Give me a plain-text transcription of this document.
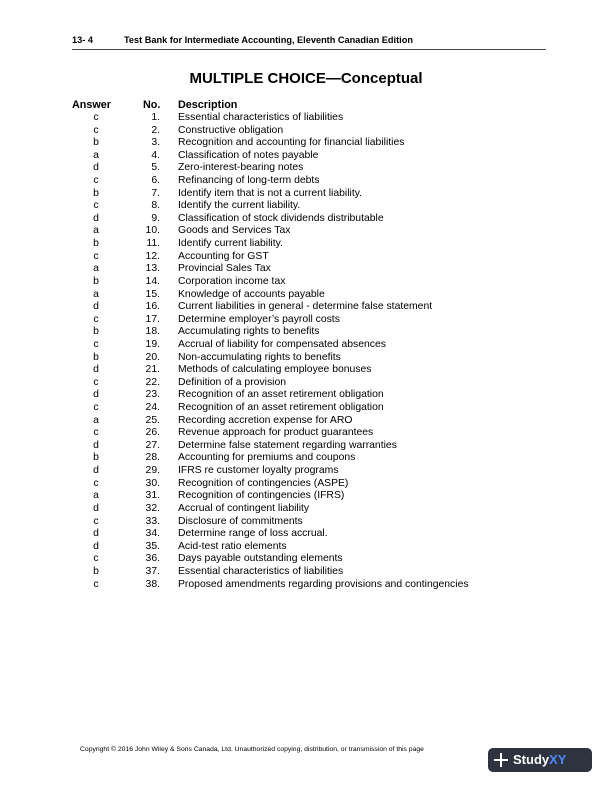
13- 4	Test Bank for Intermediate Accounting, Eleventh Canadian Edition
MULTIPLE CHOICE—Conceptual
Answer	No. Description
c	1. Essential characteristics of liabilities
c	2. Constructive obligation
b	3. Recognition and accounting for financial liabilities
a	4. Classification of notes payable
d	5. Zero-interest-bearing notes
c	6. Refinancing of long-term debts
b	7. Identify item that is not a current liability.
c	8. Identify the current liability.
d	9. Classification of stock dividends distributable
a	10. Goods and Services Tax
b	11. Identify current liability.
c	12. Accounting for GST
a	13. Provincial Sales Tax
b	14. Corporation income tax
a	15. Knowledge of accounts payable
d	16. Current liabilities in general - determine false statement
c	17. Determine employer’s payroll costs
b	18. Accumulating rights to benefits
c	19. Accrual of liability for compensated absences
b	20. Non-accumulating rights to benefits
d	21. Methods of calculating employee bonuses
c	22. Definition of a provision
d	23. Recognition of an asset retirement obligation
c	24. Recognition of an asset retirement obligation
a	25. Recording accretion expense for ARO
c	26. Revenue approach for product guarantees
d	27. Determine false statement regarding warranties
b	28. Accounting for premiums and coupons
d	29. IFRS re customer loyalty programs
c	30. Recognition of contingencies (ASPE)
a	31. Recognition of contingencies (IFRS)
d	32. Accrual of contingent liability
c	33. Disclosure of commitments
d	34. Determine range of loss accrual.
d	35. Acid-test ratio elements
c	36. Days payable outstanding elements
b	37. Essential characteristics of liabilities
c	38. Proposed amendments regarding provisions and contingencies
Copyright © 2016 John Wiley & Sons Canada, Ltd. Unauthorized copying, distribution, or transmission of this page
Study XY
